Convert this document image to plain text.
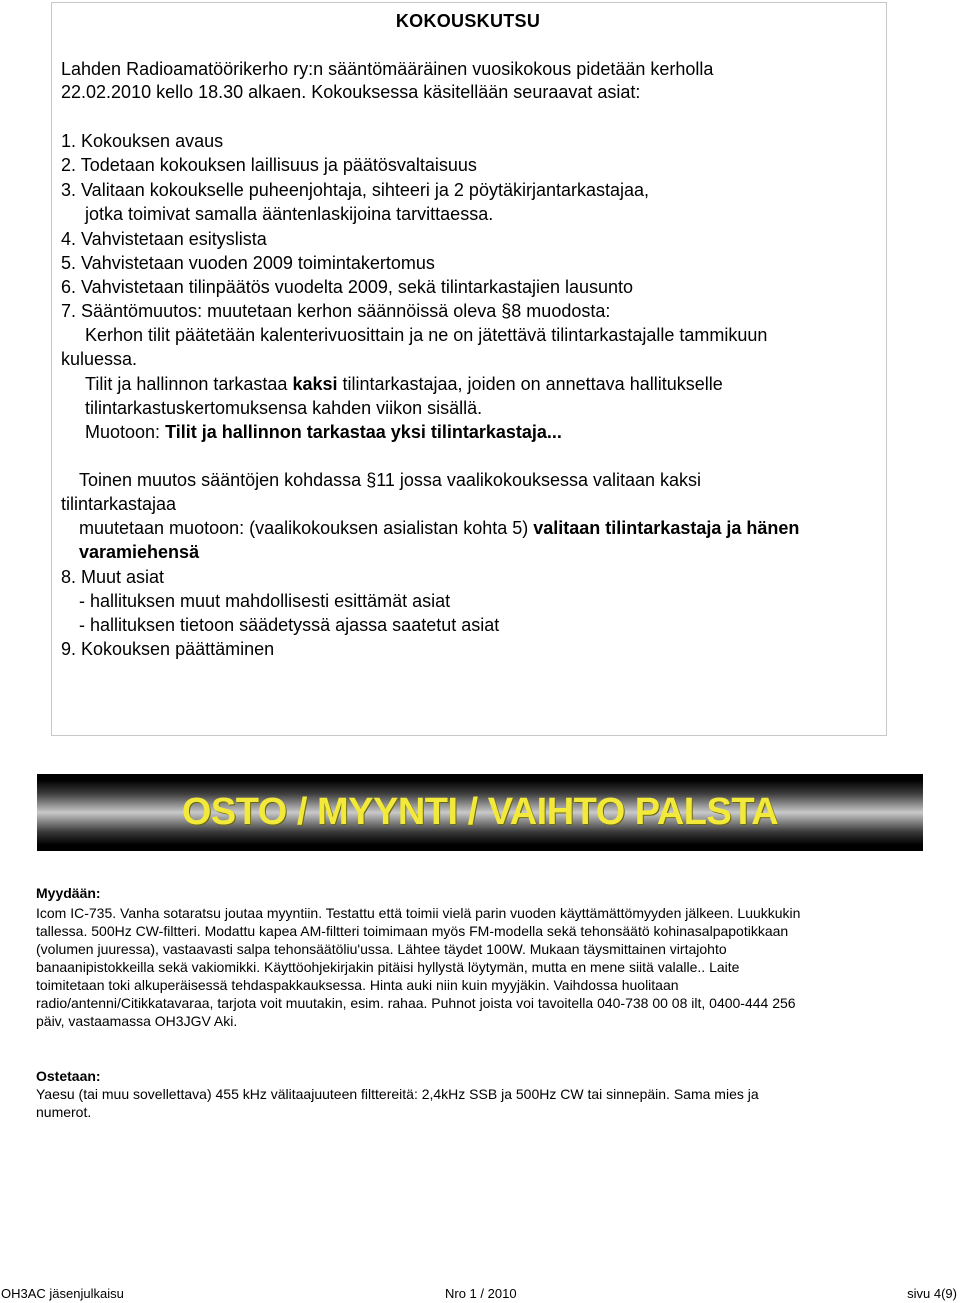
KOKOUSKUTSU
Lahden Radioamatöörikerho ry:n sääntömääräinen vuosikokous pidetään kerholla
22.02.2010 kello 18.30 alkaen. Kokouksessa käsitellään seuraavat asiat:
1. Kokouksen avaus
2. Todetaan kokouksen laillisuus ja päätösvaltaisuus
3. Valitaan kokoukselle puheenjohtaja, sihteeri ja 2 pöytäkirjantarkastajaa,
jotka toimivat samalla ääntenlaskijoina tarvittaessa.
4. Vahvistetaan esityslista
5. Vahvistetaan vuoden 2009 toimintakertomus
6. Vahvistetaan tilinpäätös vuodelta 2009, sekä tilintarkastajien lausunto
7. Sääntömuutos: muutetaan kerhon säännöissä oleva §8 muodosta:
Kerhon tilit päätetään kalenterivuosittain ja ne on jätettävä tilintarkastajalle tammikuun
kuluessa.
Tilit ja hallinnon tarkastaa kaksi tilintarkastajaa, joiden on annettava hallitukselle
tilintarkastuskertomuksensa kahden viikon sisällä.
Muotoon: Tilit ja hallinnon tarkastaa yksi tilintarkastaja...
Toinen muutos sääntöjen kohdassa §11 jossa vaalikokouksessa valitaan kaksi
tilintarkastajaa
muutetaan muotoon: (vaalikokouksen asialistan kohta 5) valitaan tilintarkastaja ja hänen
varamiehensä
8. Muut asiat
- hallituksen muut mahdollisesti esittämät asiat
- hallituksen tietoon säädetyssä ajassa saatetut asiat
9. Kokouksen päättäminen
OSTO / MYYNTI / VAIHTO PALSTA
Myydään:
Icom IC-735. Vanha sotaratsu joutaa myyntiin. Testattu että toimii vielä parin vuoden käyttämättömyyden jälkeen. Luukkukin
tallessa. 500Hz CW-filtteri. Modattu kapea AM-filtteri toimimaan myös FM-modella sekä tehonsäätö kohinasalpapotikkaan
(volumen juuressa), vastaavasti salpa tehonsäätöliu'ussa. Lähtee täydet 100W. Mukaan täysmittainen virtajohto
banaanipistokkeilla sekä vakiomikki. Käyttöohjekirjakin pitäisi hyllystä löytymän, mutta en mene siitä valalle.. Laite
toimitetaan toki alkuperäisessä tehdaspakkauksessa. Hinta auki niin kuin myyjäkin. Vaihdossa huolitaan
radio/antenni/Citikkatavaraa, tarjota voit muutakin, esim. rahaa. Puhnot joista voi tavoitella 040-738 00 08 ilt, 0400-444 256
päiv, vastaamassa OH3JGV Aki.
Ostetaan:
Yaesu (tai muu sovellettava) 455 kHz välitaajuuteen filttereitä: 2,4kHz SSB ja 500Hz CW tai sinnepäin. Sama mies ja
numerot.
OH3AC jäsenjulkaisu	Nro 1 / 2010	sivu 4(9)
